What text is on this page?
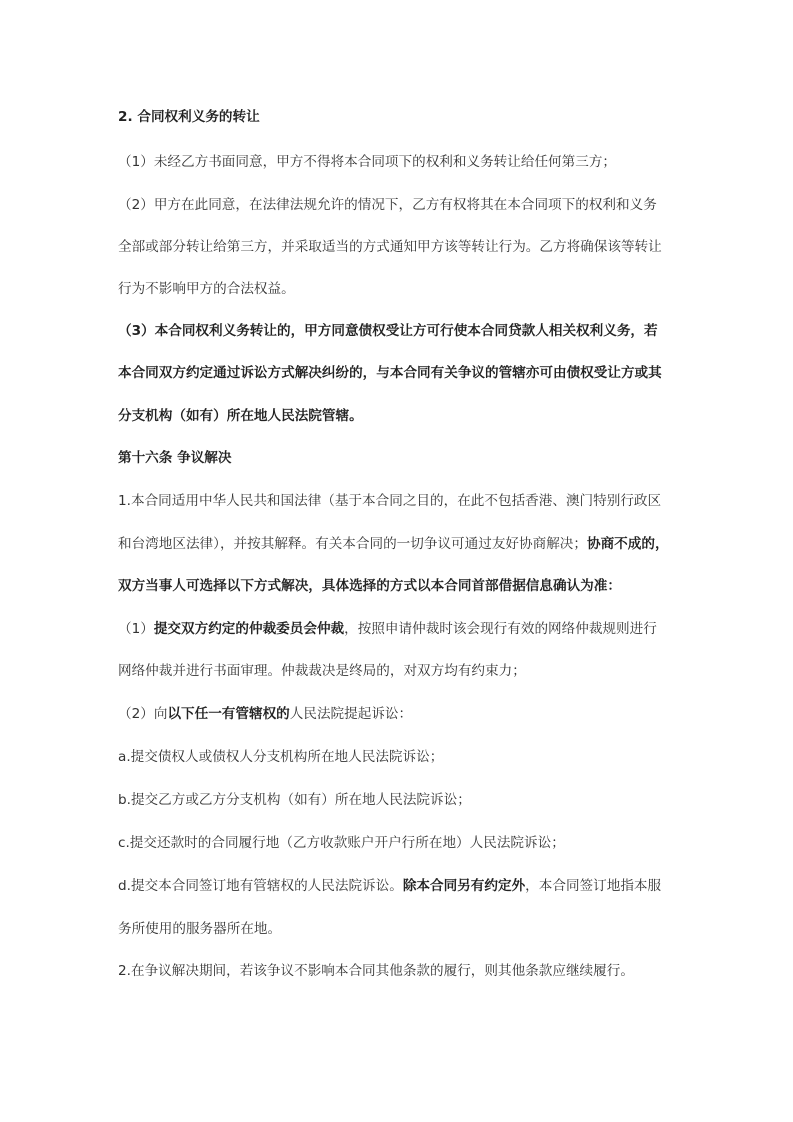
2. 合同权利义务的转让
（1）未经乙方书面同意，甲方不得将本合同项下的权利和义务转让给任何第三方；
（2）甲方在此同意，在法律法规允许的情况下，乙方有权将其在本合同项下的权利和义务
全部或部分转让给第三方，并采取适当的方式通知甲方该等转让行为。乙方将确保该等转让
行为不影响甲方的合法权益。
（3）本合同权利义务转让的，甲方同意债权受让方可行使本合同贷款人相关权利义务，若
本合同双方约定通过诉讼方式解决纠纷的，与本合同有关争议的管辖亦可由债权受让方或其
分支机构（如有）所在地人民法院管辖。
第十六条 争议解决
1.本合同适用中华人民共和国法律（基于本合同之目的，在此不包括香港、澳门特别行政区
和台湾地区法律），并按其解释。有关本合同的一切争议可通过友好协商解决；协商不成的，
双方当事人可选择以下方式解决，具体选择的方式以本合同首部借据信息确认为准：
（1）提交双方约定的仲裁委员会仲裁，按照申请仲裁时该会现行有效的网络仲裁规则进行
网络仲裁并进行书面审理。仲裁裁决是终局的，对双方均有约束力；
（2）向以下任一有管辖权的人民法院提起诉讼：
a.提交债权人或债权人分支机构所在地人民法院诉讼；
b.提交乙方或乙方分支机构（如有）所在地人民法院诉讼；
c.提交还款时的合同履行地（乙方收款账户开户行所在地）人民法院诉讼；
d.提交本合同签订地有管辖权的人民法院诉讼。除本合同另有约定外，本合同签订地指本服
务所使用的服务器所在地。
2.在争议解决期间，若该争议不影响本合同其他条款的履行，则其他条款应继续履行。
